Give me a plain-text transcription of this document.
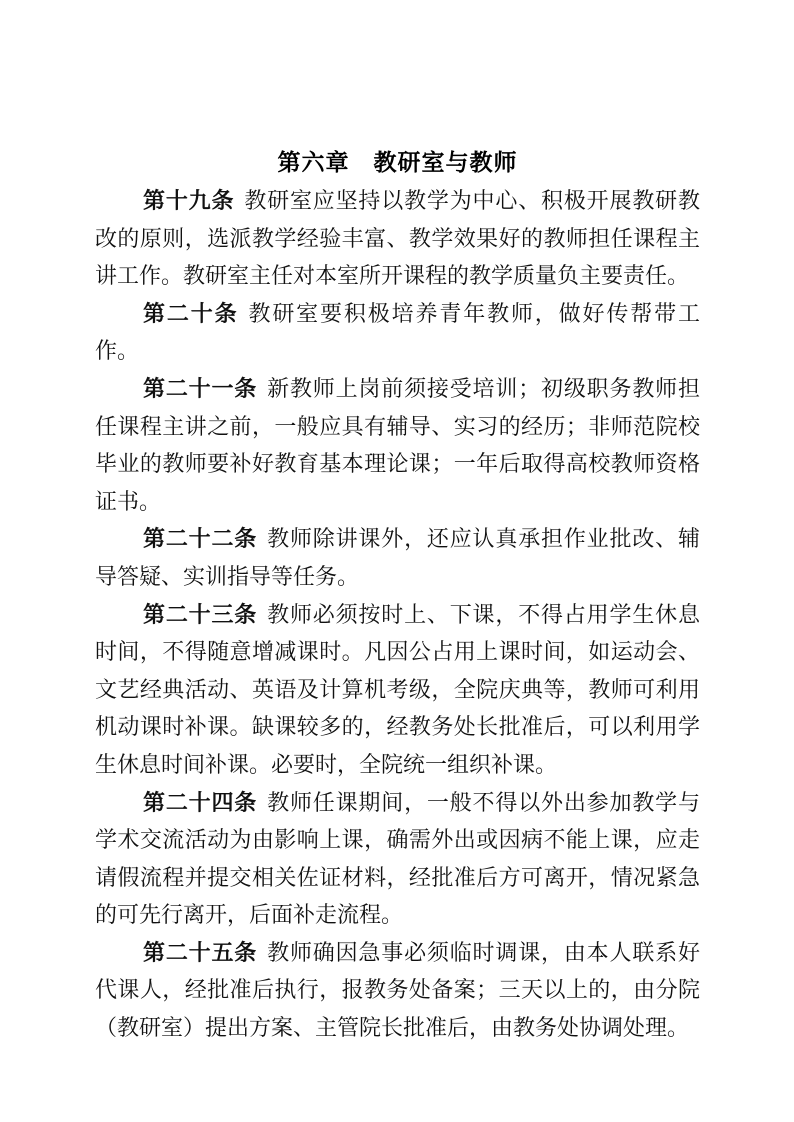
第六章　教研室与教师

第十九条 教研室应坚持以教学为中心、积极开展教研教改的原则，选派教学经验丰富、教学效果好的教师担任课程主讲工作。教研室主任对本室所开课程的教学质量负主要责任。

第二十条 教研室要积极培养青年教师，做好传帮带工作。

第二十一条 新教师上岗前须接受培训；初级职务教师担任课程主讲之前，一般应具有辅导、实习的经历；非师范院校毕业的教师要补好教育基本理论课；一年后取得高校教师资格证书。

第二十二条 教师除讲课外，还应认真承担作业批改、辅导答疑、实训指导等任务。

第二十三条 教师必须按时上、下课，不得占用学生休息时间，不得随意增减课时。凡因公占用上课时间，如运动会、文艺经典活动、英语及计算机考级，全院庆典等，教师可利用机动课时补课。缺课较多的，经教务处长批准后，可以利用学生休息时间补课。必要时，全院统一组织补课。

第二十四条 教师任课期间，一般不得以外出参加教学与学术交流活动为由影响上课，确需外出或因病不能上课，应走请假流程并提交相关佐证材料，经批准后方可离开，情况紧急的可先行离开，后面补走流程。

第二十五条 教师确因急事必须临时调课，由本人联系好代课人，经批准后执行，报教务处备案；三天以上的，由分院（教研室）提出方案、主管院长批准后，由教务处协调处理。
